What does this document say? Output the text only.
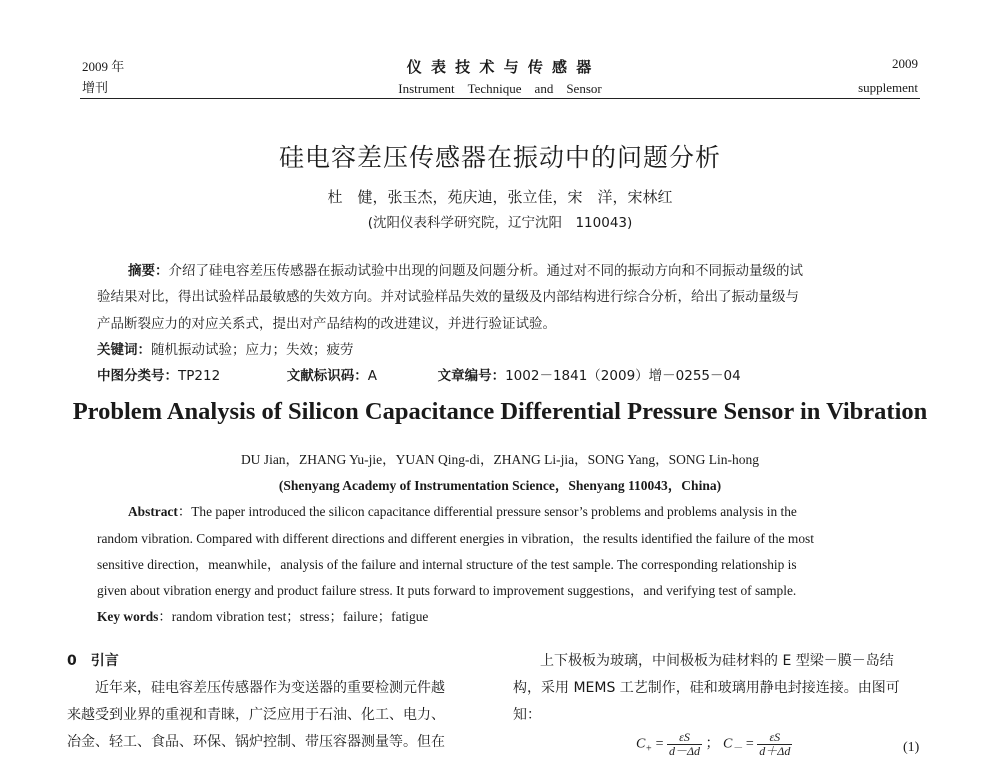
2009 年
增刊
仪 表 技 术 与 传 感 器
Instrument　Technique　and　Sensor
2009
supplement
硅电容差压传感器在振动中的问题分析
杜　健，张玉杰，苑庆迪，张立佳，宋　洋，宋林红
(沈阳仪表科学研究院，辽宁沈阳　110043)
摘要：介绍了硅电容差压传感器在振动试验中出现的问题及问题分析。通过对不同的振动方向和不同振动量级的试
验结果对比，得出试验样品最敏感的失效方向。并对试验样品失效的量级及内部结构进行综合分析，给出了振动量级与
产品断裂应力的对应关系式，提出对产品结构的改进建议，并进行验证试验。
关键词：随机振动试验；应力；失效；疲劳
中图分类号：TP212	文献标识码：A	文章编号：1002－1841（2009）增－0255－04
Problem Analysis of Silicon Capacitance Differential Pressure Sensor in Vibration
DU Jian，ZHANG Yu-jie，YUAN Qing-di，ZHANG Li-jia，SONG Yang，SONG Lin-hong
(Shenyang Academy of Instrumentation Science，Shenyang 110043，China)
Abstract：The paper introduced the silicon capacitance differential pressure sensor’s problems and problems analysis in the
random vibration. Compared with different directions and different energies in vibration，the results identified the failure of the most
sensitive direction，meanwhile，analysis of the failure and internal structure of the test sample. The corresponding relationship is
given about vibration energy and product failure stress. It puts forward to improvement suggestions，and verifying test of sample.
Key words：random vibration test；stress；failure；fatigue
0　引言
近年来，硅电容差压传感器作为变送器的重要检测元件越
来越受到业界的重视和青睐，广泛应用于石油、化工、电力、
冶金、轻工、食品、环保、锅炉控制、带压容器测量等。但在
上下极板为玻璃，中间极板为硅材料的 E 型梁－膜－岛结
构，采用 MEMS 工艺制作，硅和玻璃用静电封接连接。由图可
知：
$C_+ = \frac{\varepsilon S}{d-\Delta d}$ ； $C_- = \frac{\varepsilon S}{d+\Delta d}$	(1)
